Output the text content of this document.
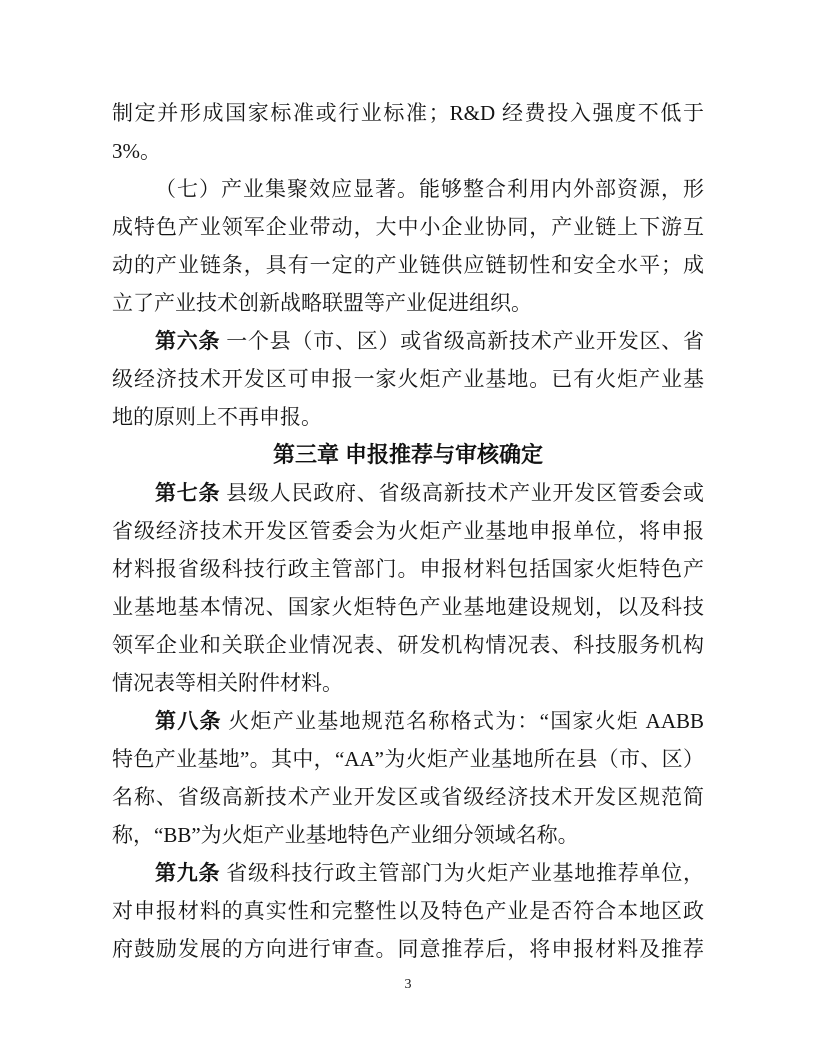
制定并形成国家标准或行业标准；R&D 经费投入强度不低于
3%。
（七）产业集聚效应显著。能够整合利用内外部资源，形
成特色产业领军企业带动，大中小企业协同，产业链上下游互
动的产业链条，具有一定的产业链供应链韧性和安全水平；成
立了产业技术创新战略联盟等产业促进组织。
第六条 一个县（市、区）或省级高新技术产业开发区、省
级经济技术开发区可申报一家火炬产业基地。已有火炬产业基
地的原则上不再申报。
第三章 申报推荐与审核确定
第七条 县级人民政府、省级高新技术产业开发区管委会或
省级经济技术开发区管委会为火炬产业基地申报单位，将申报
材料报省级科技行政主管部门。申报材料包括国家火炬特色产
业基地基本情况、国家火炬特色产业基地建设规划，以及科技
领军企业和关联企业情况表、研发机构情况表、科技服务机构
情况表等相关附件材料。
第八条 火炬产业基地规范名称格式为：“国家火炬 AABB
特色产业基地”。其中，“AA”为火炬产业基地所在县（市、区）
名称、省级高新技术产业开发区或省级经济技术开发区规范简
称，“BB”为火炬产业基地特色产业细分领域名称。
第九条 省级科技行政主管部门为火炬产业基地推荐单位，
对申报材料的真实性和完整性以及特色产业是否符合本地区政
府鼓励发展的方向进行审查。同意推荐后，将申报材料及推荐
3
